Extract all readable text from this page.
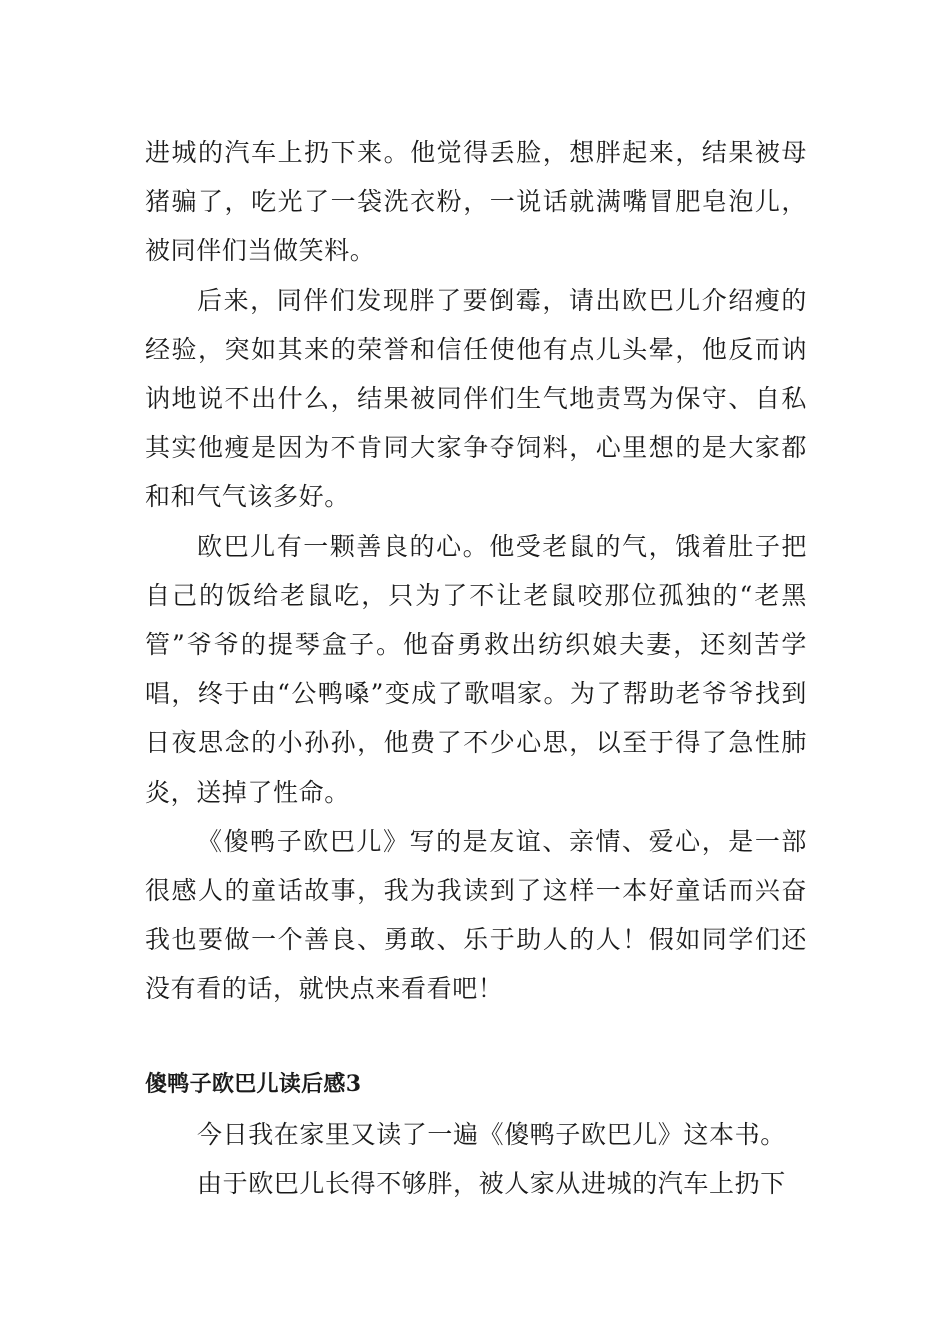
进城的汽车上扔下来。他觉得丢脸，想胖起来，结果被母猪骗了，吃光了一袋洗衣粉，一说话就满嘴冒肥皂泡儿，被同伴们当做笑料。

后来，同伴们发现胖了要倒霉，请出欧巴儿介绍瘦的经验，突如其来的荣誉和信任使他有点儿头晕，他反而讷讷地说不出什么，结果被同伴们生气地责骂为保守、自私其实他瘦是因为不肯同大家争夺饲料，心里想的是大家都和和气气该多好。

欧巴儿有一颗善良的心。他受老鼠的气，饿着肚子把自己的饭给老鼠吃，只为了不让老鼠咬那位孤独的“老黑管”爷爷的提琴盒子。他奋勇救出纺织娘夫妻，还刻苦学唱，终于由“公鸭嗓”变成了歌唱家。为了帮助老爷爷找到日夜思念的小孙孙，他费了不少心思，以至于得了急性肺炎，送掉了性命。

《傻鸭子欧巴儿》写的是友谊、亲情、爱心，是一部很感人的童话故事，我为我读到了这样一本好童话而兴奋我也要做一个善良、勇敢、乐于助人的人！假如同学们还没有看的话，就快点来看看吧！

傻鸭子欧巴儿读后感3

今日我在家里又读了一遍《傻鸭子欧巴儿》这本书。

由于欧巴儿长得不够胖，被人家从进城的汽车上扔下
